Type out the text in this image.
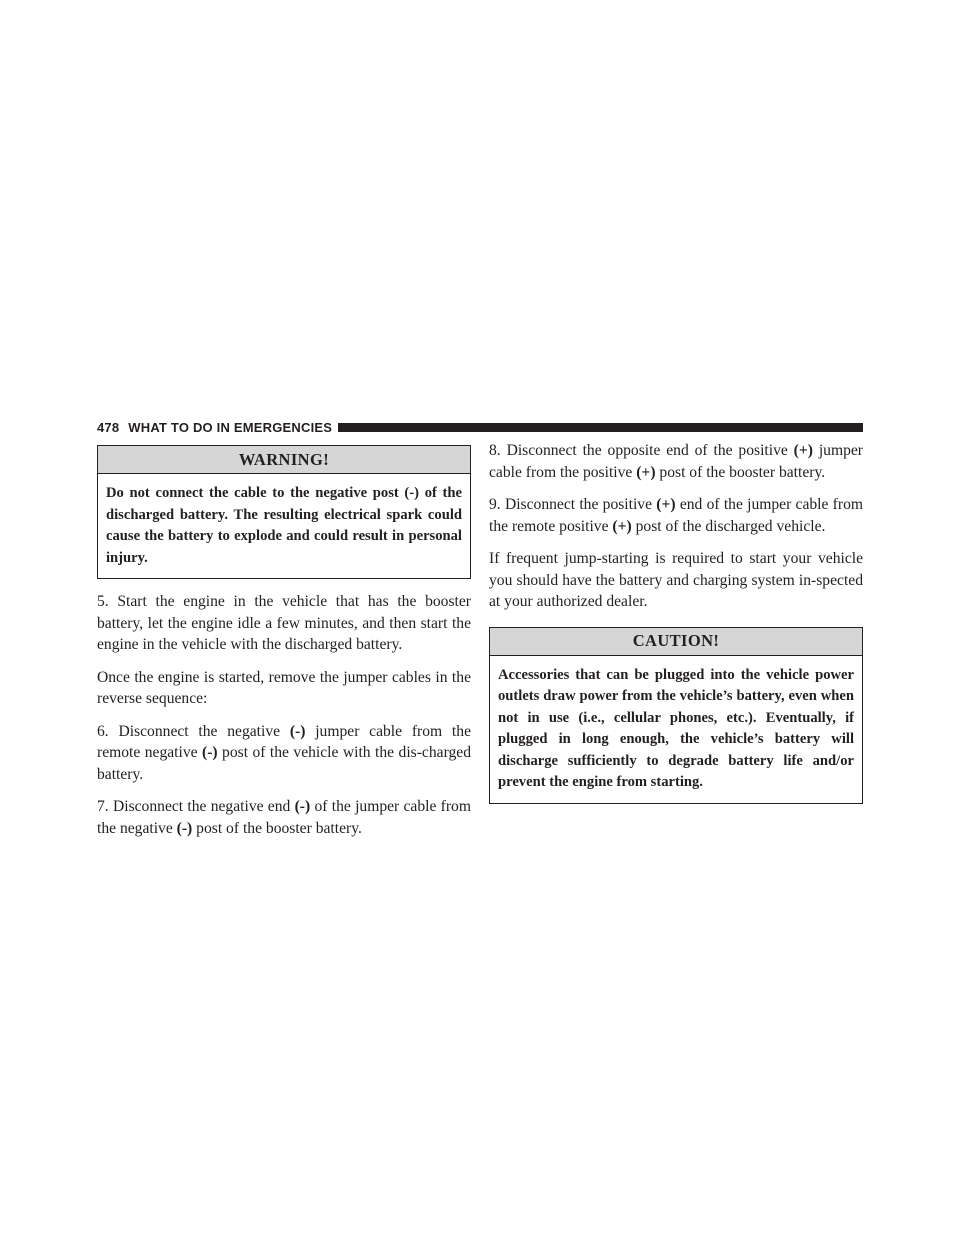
478 WHAT TO DO IN EMERGENCIES
WARNING!
Do not connect the cable to the negative post (-) of the discharged battery. The resulting electrical spark could cause the battery to explode and could result in personal injury.

5. Start the engine in the vehicle that has the booster battery, let the engine idle a few minutes, and then start the engine in the vehicle with the discharged battery.

Once the engine is started, remove the jumper cables in the reverse sequence:

6. Disconnect the negative (-) jumper cable from the remote negative (-) post of the vehicle with the dis-charged battery.

7. Disconnect the negative end (-) of the jumper cable from the negative (-) post of the booster battery.

8. Disconnect the opposite end of the positive (+) jumper cable from the positive (+) post of the booster battery.

9. Disconnect the positive (+) end of the jumper cable from the remote positive (+) post of the discharged vehicle.

If frequent jump-starting is required to start your vehicle you should have the battery and charging system in-spected at your authorized dealer.

CAUTION!
Accessories that can be plugged into the vehicle power outlets draw power from the vehicle’s battery, even when not in use (i.e., cellular phones, etc.). Eventually, if plugged in long enough, the vehicle’s battery will discharge sufficiently to degrade battery life and/or prevent the engine from starting.
